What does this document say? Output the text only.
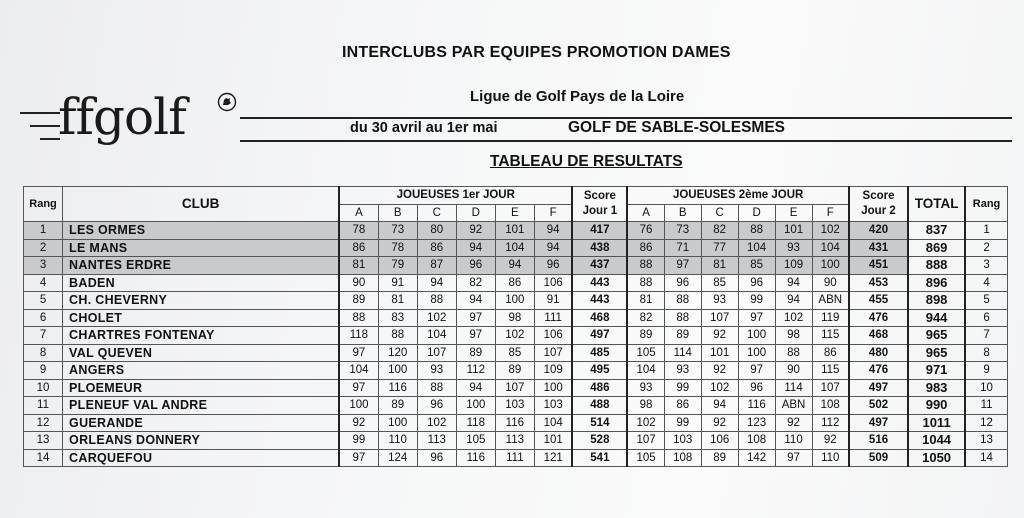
INTERCLUBS PAR EQUIPES PROMOTION DAMES
Ligue de Golf Pays de la Loire
du 30 avril au 1er mai	GOLF DE SABLE-SOLESMES
TABLEAU DE RESULTATS
ffgolf
Rang	CLUB	JOUEUSES 1er JOUR						Score Jour 1	JOUEUSES 2ème JOUR						Score Jour 2	TOTAL	Rang
		A	B	C	D	E	F		A	B	C	D	E	F			
1	LES ORMES	78	73	80	92	101	94	417	76	73	82	88	101	102	420	837	1
2	LE MANS	86	78	86	94	104	94	438	86	71	77	104	93	104	431	869	2
3	NANTES ERDRE	81	79	87	96	94	96	437	88	97	81	85	109	100	451	888	3
4	BADEN	90	91	94	82	86	106	443	88	96	85	96	94	90	453	896	4
5	CH. CHEVERNY	89	81	88	94	100	91	443	81	88	93	99	94	ABN	455	898	5
6	CHOLET	88	83	102	97	98	111	468	82	88	107	97	102	119	476	944	6
7	CHARTRES FONTENAY	118	88	104	97	102	106	497	89	89	92	100	98	115	468	965	7
8	VAL QUEVEN	97	120	107	89	85	107	485	105	114	101	100	88	86	480	965	8
9	ANGERS	104	100	93	112	89	109	495	104	93	92	97	90	115	476	971	9
10	PLOEMEUR	97	116	88	94	107	100	486	93	99	102	96	114	107	497	983	10
11	PLENEUF VAL ANDRE	100	89	96	100	103	103	488	98	86	94	116	ABN	108	502	990	11
12	GUERANDE	92	100	102	118	116	104	514	102	99	92	123	92	112	497	1011	12
13	ORLEANS DONNERY	99	110	113	105	113	101	528	107	103	106	108	110	92	516	1044	13
14	CARQUEFOU	97	124	96	116	111	121	541	105	108	89	142	97	110	509	1050	14
